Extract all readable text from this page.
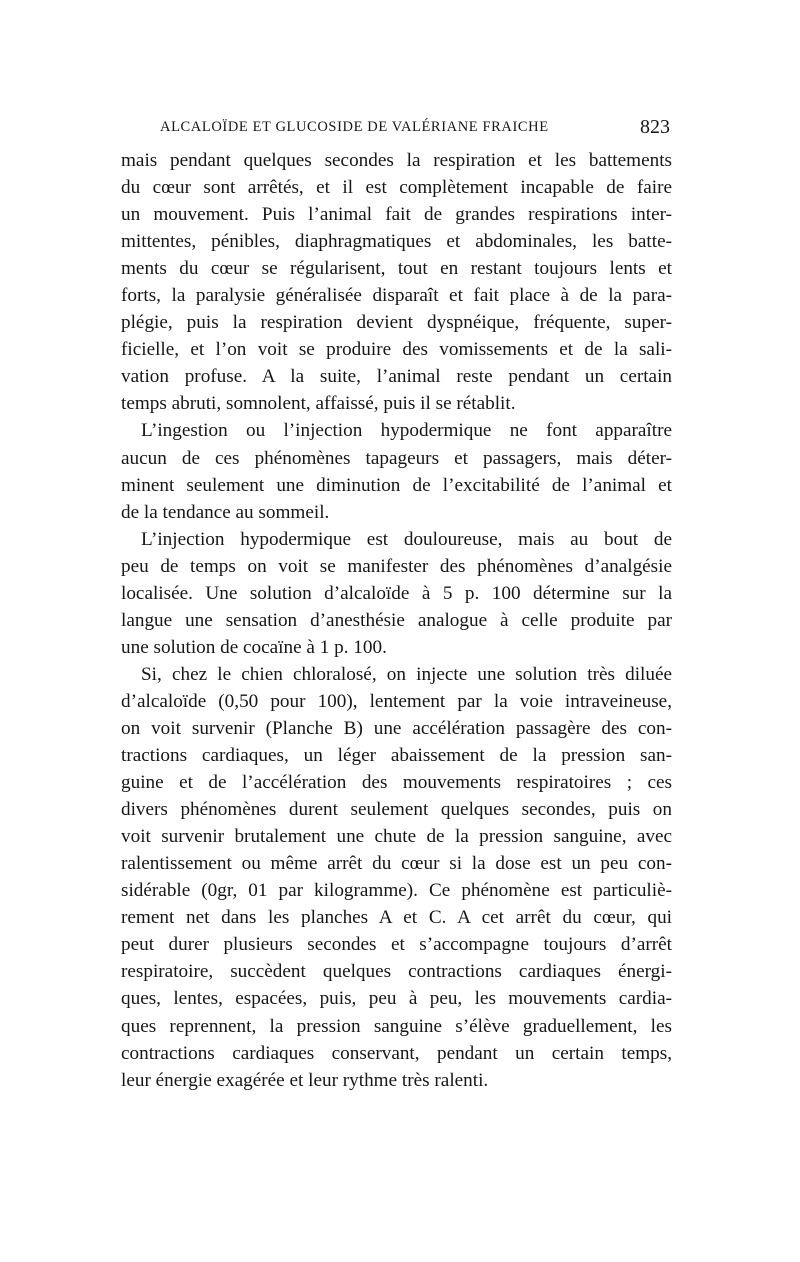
ALCALOÏDE ET GLUCOSIDE DE VALÉRIANE FRAICHE	823
mais pendant quelques secondes la respiration et les battements
du cœur sont arrêtés, et il est complètement incapable de faire
un mouvement. Puis l’animal fait de grandes respirations inter-
mittentes, pénibles, diaphragmatiques et abdominales, les batte-
ments du cœur se régularisent, tout en restant toujours lents et
forts, la paralysie généralisée disparaît et fait place à de la para-
plégie, puis la respiration devient dyspnéique, fréquente, super-
ficielle, et l’on voit se produire des vomissements et de la sali-
vation profuse. A la suite, l’animal reste pendant un certain
temps abruti, somnolent, affaissé, puis il se rétablit.
L’ingestion ou l’injection hypodermique ne font apparaître
aucun de ces phénomènes tapageurs et passagers, mais déter-
minent seulement une diminution de l’excitabilité de l’animal et
de la tendance au sommeil.
L’injection hypodermique est douloureuse, mais au bout de
peu de temps on voit se manifester des phénomènes d’analgésie
localisée. Une solution d’alcaloïde à 5 p. 100 détermine sur la
langue une sensation d’anesthésie analogue à celle produite par
une solution de cocaïne à 1 p. 100.
Si, chez le chien chloralosé, on injecte une solution très diluée
d’alcaloïde (0,50 pour 100), lentement par la voie intraveineuse,
on voit survenir (Planche B) une accélération passagère des con-
tractions cardiaques, un léger abaissement de la pression san-
guine et de l’accélération des mouvements respiratoires ; ces
divers phénomènes durent seulement quelques secondes, puis on
voit survenir brutalement une chute de la pression sanguine, avec
ralentissement ou même arrêt du cœur si la dose est un peu con-
sidérable (0gr, 01 par kilogramme). Ce phénomène est particuliè-
rement net dans les planches A et C. A cet arrêt du cœur, qui
peut durer plusieurs secondes et s’accompagne toujours d’arrêt
respiratoire, succèdent quelques contractions cardiaques énergi-
ques, lentes, espacées, puis, peu à peu, les mouvements cardia-
ques reprennent, la pression sanguine s’élève graduellement, les
contractions cardiaques conservant, pendant un certain temps,
leur énergie exagérée et leur rythme très ralenti.
